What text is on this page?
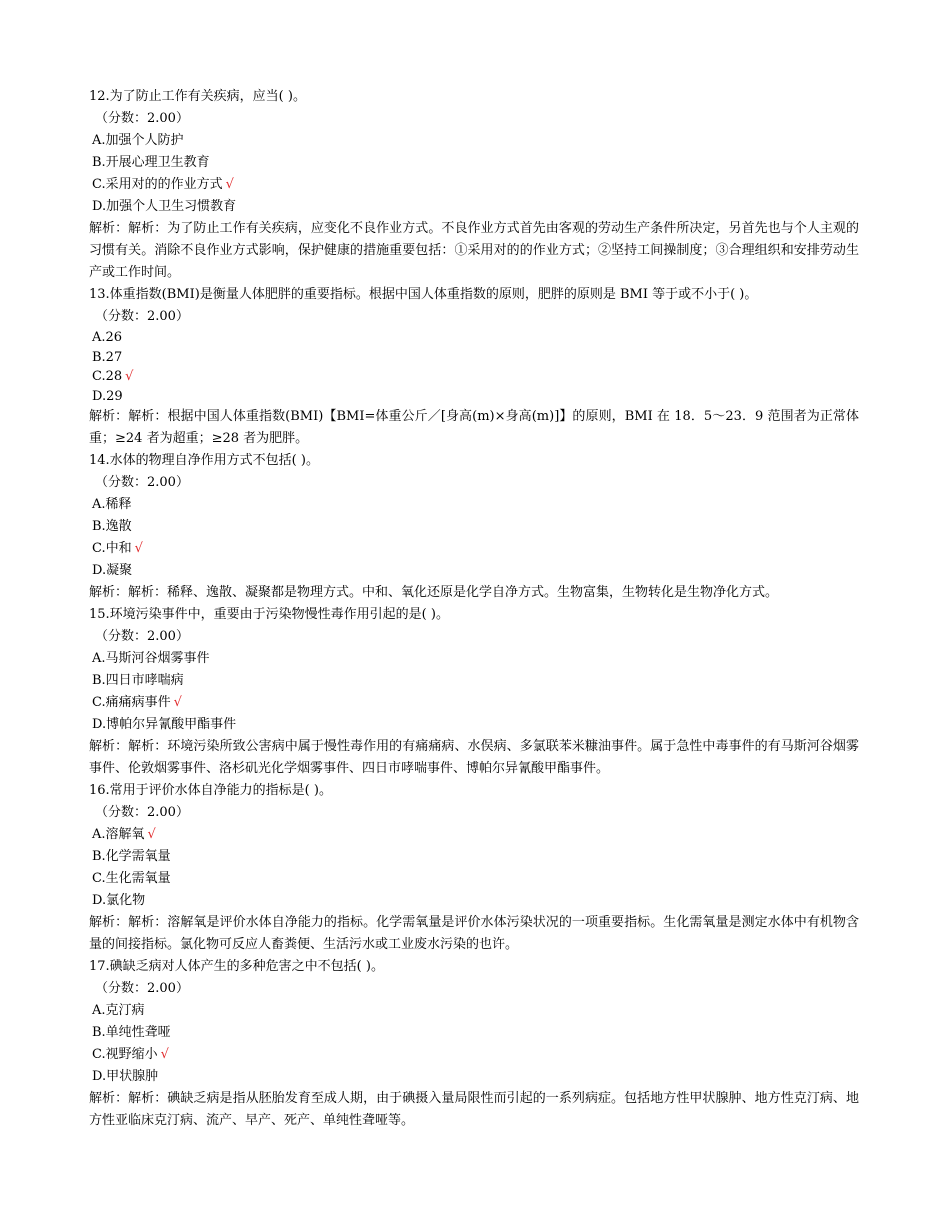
12.为了防止工作有关疾病，应当( )。
（分数：2.00）
A.加强个人防护
B.开展心理卫生教育
C.采用对的的作业方式 √
D.加强个人卫生习惯教育
解析：解析：为了防止工作有关疾病，应变化不良作业方式。不良作业方式首先由客观的劳动生产条件所决定，另首先也与个人主观的习惯有关。消除不良作业方式影响，保护健康的措施重要包括：①采用对的的作业方式；②坚持工间操制度；③合理组织和安排劳动生产或工作时间。
13.体重指数(BMI)是衡量人体肥胖的重要指标。根据中国人体重指数的原则，肥胖的原则是 BMI 等于或不小于( )。
（分数：2.00）
A.26
B.27
C.28 √
D.29
解析：解析：根据中国人体重指数(BMI)【BMI=体重公斤／[身高(m)×身高(m)]】的原则，BMI 在 18．5～23．9 范围者为正常体重；≥24 者为超重；≥28 者为肥胖。
14.水体的物理自净作用方式不包括( )。
（分数：2.00）
A.稀释
B.逸散
C.中和 √
D.凝聚
解析：解析：稀释、逸散、凝聚都是物理方式。中和、氧化还原是化学自净方式。生物富集，生物转化是生物净化方式。
15.环境污染事件中，重要由于污染物慢性毒作用引起的是( )。
（分数：2.00）
A.马斯河谷烟雾事件
B.四日市哮喘病
C.痛痛病事件 √
D.博帕尔异氰酸甲酯事件
解析：解析：环境污染所致公害病中属于慢性毒作用的有痛痛病、水俣病、多氯联苯米糠油事件。属于急性中毒事件的有马斯河谷烟雾事件、伦敦烟雾事件、洛杉矶光化学烟雾事件、四日市哮喘事件、博帕尔异氰酸甲酯事件。
16.常用于评价水体自净能力的指标是( )。
（分数：2.00）
A.溶解氧 √
B.化学需氧量
C.生化需氧量
D.氯化物
解析：解析：溶解氧是评价水体自净能力的指标。化学需氧量是评价水体污染状况的一项重要指标。生化需氧量是测定水体中有机物含量的间接指标。氯化物可反应人畜粪便、生活污水或工业废水污染的也许。
17.碘缺乏病对人体产生的多种危害之中不包括( )。
（分数：2.00）
A.克汀病
B.单纯性聋哑
C.视野缩小 √
D.甲状腺肿
解析：解析：碘缺乏病是指从胚胎发育至成人期，由于碘摄入量局限性而引起的一系列病症。包括地方性甲状腺肿、地方性克汀病、地方性亚临床克汀病、流产、早产、死产、单纯性聋哑等。
